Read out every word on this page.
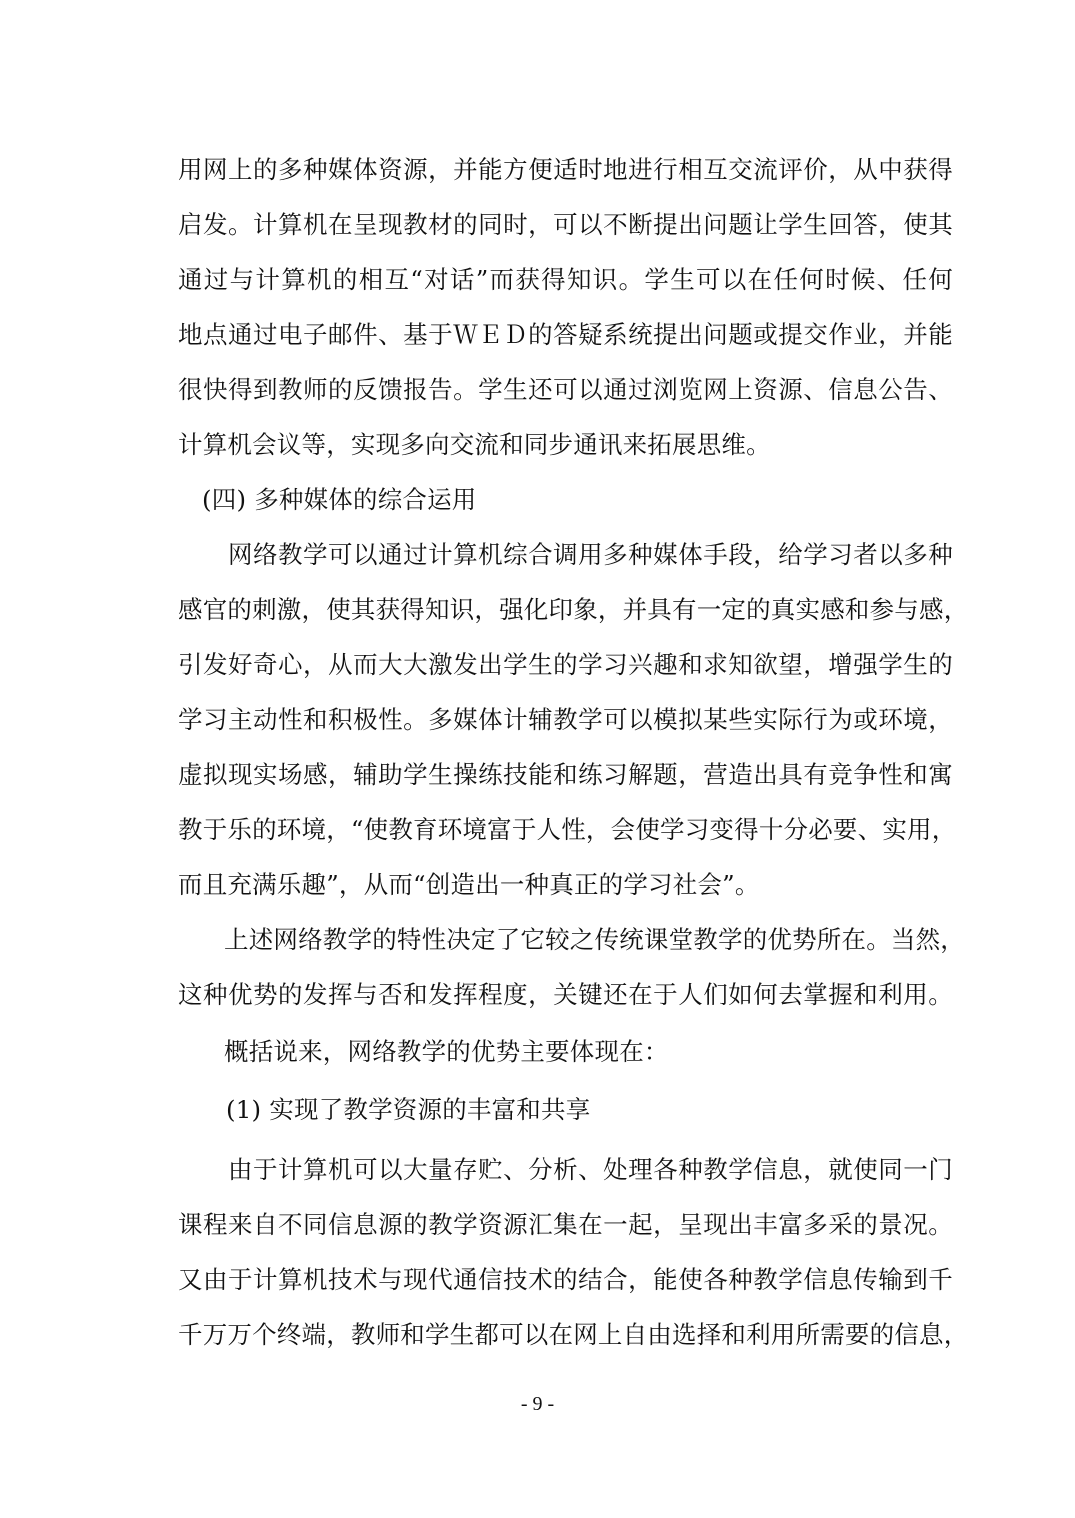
用网上的多种媒体资源，并能方便适时地进行相互交流评价，从中获得
启发。计算机在呈现教材的同时，可以不断提出问题让学生回答，使其
通过与计算机的相互“对话”而获得知识。学生可以在任何时候、任何
地点通过电子邮件、基于ＷＥＤ的答疑系统提出问题或提交作业，并能
很快得到教师的反馈报告。学生还可以通过浏览网上资源、信息公告、
计算机会议等，实现多向交流和同步通讯来拓展思维。
(四) 多种媒体的综合运用
网络教学可以通过计算机综合调用多种媒体手段，给学习者以多种
感官的刺激，使其获得知识，强化印象，并具有一定的真实感和参与感，
引发好奇心，从而大大激发出学生的学习兴趣和求知欲望，增强学生的
学习主动性和积极性。多媒体计辅教学可以模拟某些实际行为或环境，
虚拟现实场感，辅助学生操练技能和练习解题，营造出具有竞争性和寓
教于乐的环境，“使教育环境富于人性，会使学习变得十分必要、实用，
而且充满乐趣”，从而“创造出一种真正的学习社会”。
上述网络教学的特性决定了它较之传统课堂教学的优势所在。当然，
这种优势的发挥与否和发挥程度，关键还在于人们如何去掌握和利用。
概括说来，网络教学的优势主要体现在：
(1) 实现了教学资源的丰富和共享
由于计算机可以大量存贮、分析、处理各种教学信息，就使同一门
课程来自不同信息源的教学资源汇集在一起，呈现出丰富多采的景况。
又由于计算机技术与现代通信技术的结合，能使各种教学信息传输到千
千万万个终端，教师和学生都可以在网上自由选择和利用所需要的信息，
- 9 -
